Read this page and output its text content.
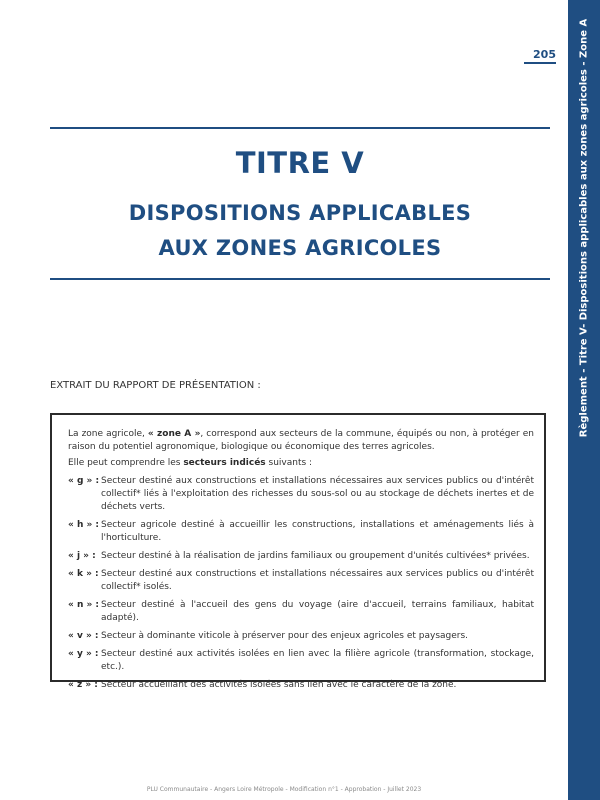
Règlement - Titre V- Dispositions applicables aux zones agricoles - Zone A
205
TITRE V
DISPOSITIONS APPLICABLES
AUX ZONES AGRICOLES
EXTRAIT DU RAPPORT DE PRÉSENTATION :

La zone agricole, « zone A », correspond aux secteurs de la commune, équipés ou non, à protéger en raison du potentiel agronomique, biologique ou économique des terres agricoles.

Elle peut comprendre les secteurs indicés suivants :

« g » : Secteur destiné aux constructions et installations nécessaires aux services publics ou d'intérêt collectif* liés à l'exploitation des richesses du sous-sol ou au stockage de déchets inertes et de déchets verts.
« h » : Secteur agricole destiné à accueillir les constructions, installations et aménagements liés à l'horticulture.
« j » : Secteur destiné à la réalisation de jardins familiaux ou groupement d'unités cultivées* privées.
« k » : Secteur destiné aux constructions et installations nécessaires aux services publics ou d'intérêt collectif* isolés.
« n » : Secteur destiné à l'accueil des gens du voyage (aire d'accueil, terrains familiaux, habitat adapté).
« v » : Secteur à dominante viticole à préserver pour des enjeux agricoles et paysagers.
« y » : Secteur destiné aux activités isolées en lien avec la filière agricole (transformation, stockage, etc.).
« z » : Secteur accueillant des activités isolées sans lien avec le caractère de la zone.
PLU Communautaire - Angers Loire Métropole - Modification n°1 - Approbation - Juillet 2023
